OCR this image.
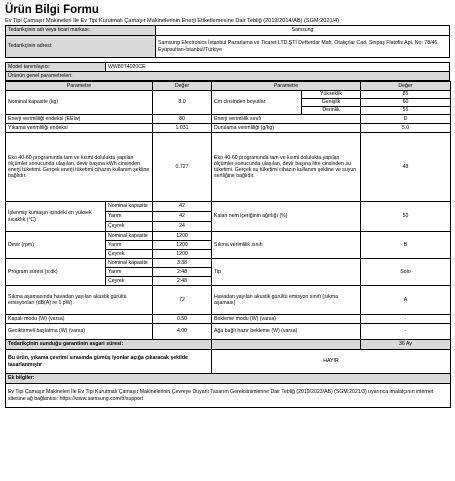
Ürün Bilgi Formu
Ev Tipi Çamaşır Makineleri İle Ev Tipi Kurutmalı Çamaşır Makinelerinin Enerji Etiketlemesine Dair Tebliğ (2019/2014/AB) (SGM:2021/4)
Tedarikçinin adı veya ticari markası:	Samsung
Tedarikçinin adresi:	Samsung Electronics İstanbul Pazarlama ve Ticaret LTD.ŞTİ Defterdar Mah. Otakçılar Cad. Sinpaş Flatofis Apt. No: 78/46 Eyüpsultan-İstanbul/Türkiye
Model tanımlayıcı:	WW80T4020CE
Ürünün genel parametreleri:
Parametre		Değer	Parametre		Değer
Nominal kapasite (kg)		8.0	Cm cinsinden boyutlar	Yükseklik	85
				Genişlik	60
				Derinlik	55
Enerji verimliliği endeksi (EEIw)		80	Enerji verimlilik sınıfı		D
Yıkama verimliliği endeksi		1.031	Durulama verimliliği (g/kg)		5.0
Eko 40-60 programında tam ve kısmi dolulukta yapılan ölçümler sonucunda ulaşılan, devir başına kWh cinsinden enerji tüketimi. Gerçek enerji tüketimi cihazın kullanım şekline bağlıdır.		0.727	Eko 40-60 programında tam ve kısmi dolulukta yapılan ölçümler sonucunda ulaşılan, devir başına litre cinsinden su tüketimi. Gerçek su tüketimi cihazın kullanım şekline ve suyun sertliğine bağlıdır.		48
İşlenmiş kumaşın içindeki en yüksek sıcaklık (°C)	Nominal kapasite	42	Kalan nem içeriğinin ağırlığı (%)		50
	Yarım	42			
	Çeyrek	24			
Devir (rpm)	Nominal kapasite	1200	Sıkma verimlilik sınıfı		B
	Yarım	1200			
	Çeyrek	1200			
Program süresi (s:dk)	Nominal kapasite	3:38	Tip		Solo
	Yarım	2:48			
	Çeyrek	2:48			
Sıkma aşamasında havadan yayılan akustik gürültü emisyonları (dB(A) re 1 pW)		72	Havadan yayılan akustik gürültü emisyon sınıfı (sıkma aşaması)		A
Kapalı modu (W) (varsa)		0.50	Bekleme modu (W) (varsa)		-
Geciktirmeli başlatma (W) (varsa)		4.00	Ağa bağlı hazır bekleme (W) (varsa)		-
Tedarikçinin sunduğu garantinin asgari süresi:					36 Ay
Bu ürün, yıkama çevrimi sırasında gümüş iyonlar açığa çıkaracak şekilde tasarlanmıştır			HAYIR		
Ek bilgiler:					
Ev Tipi Çamaşır Makineleri İle Ev Tipi Kurutmalı Çamaşır Makinelerinin Çevreye Duyarlı Tasarım Gereksinimlerine Dair Tebliğ (2019/2023/AB) (SGM:2021/3) uyarınca imalatçının internet sitesine ağ bağlantısı: https://www.samsung.com/tr/support					
